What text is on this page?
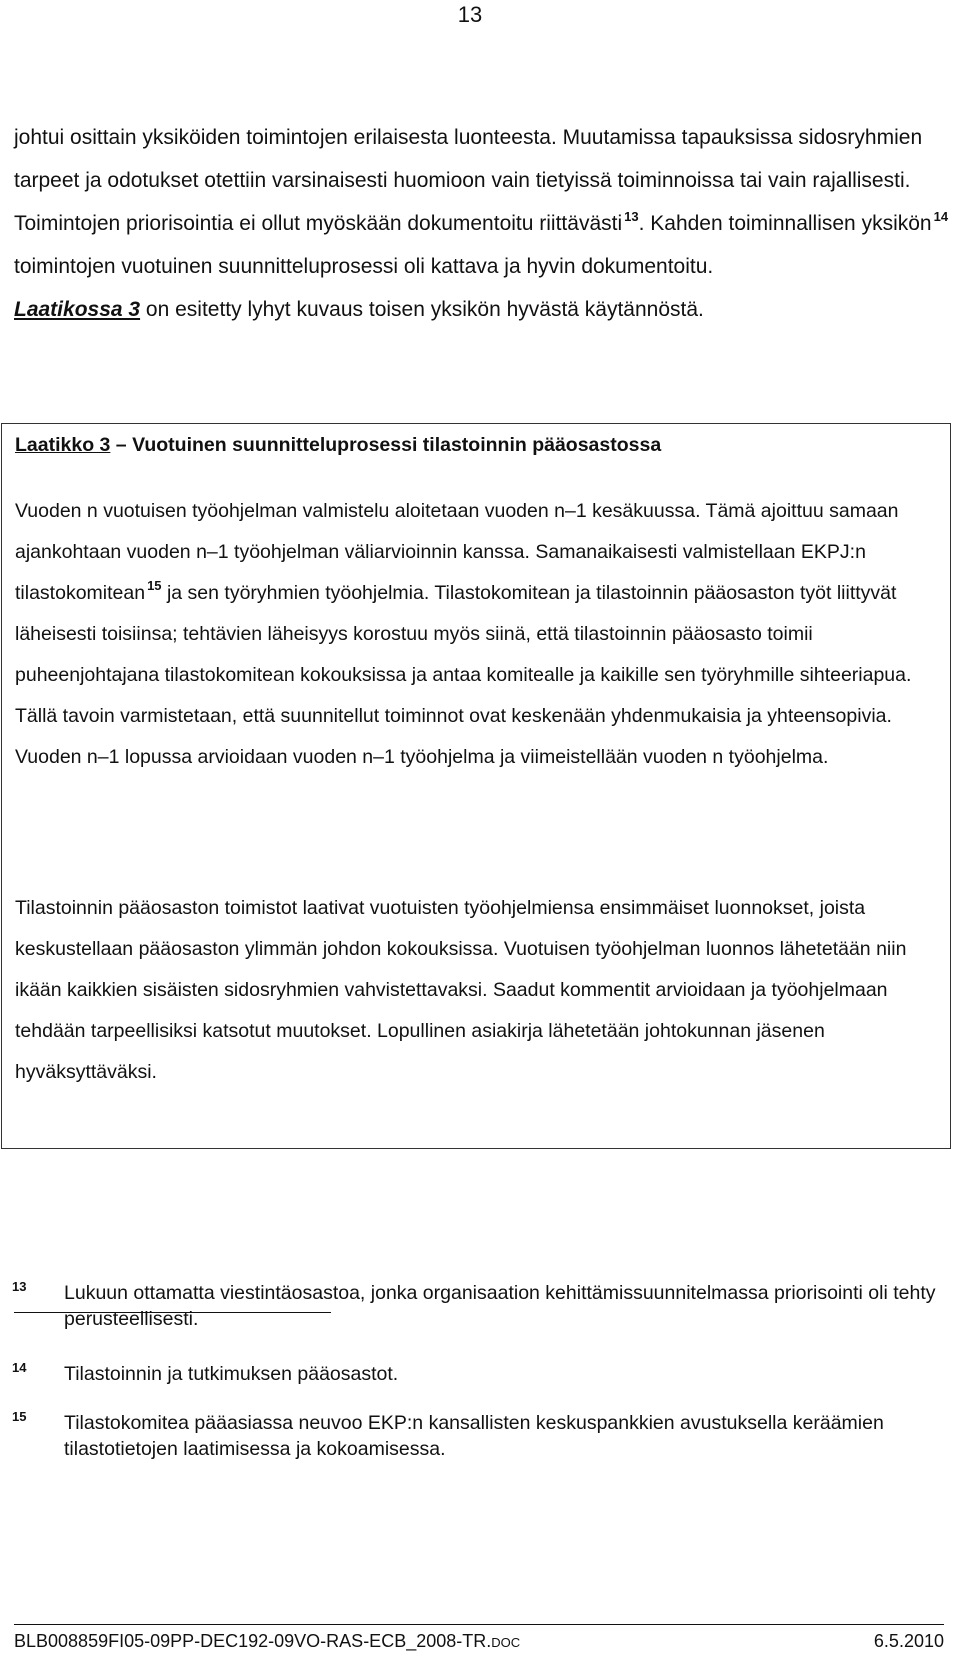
13

johtui osittain yksiköiden toimintojen erilaisesta luonteesta. Muutamissa tapauksissa sidosryhmien tarpeet ja odotukset otettiin varsinaisesti huomioon vain tietyissä toiminnoissa tai vain rajallisesti. Toimintojen priorisointia ei ollut myöskään dokumentoitu riittävästi $^{13}$. Kahden toiminnallisen yksikön $^{14}$ toimintojen vuotuinen suunnitteluprosessi oli kattava ja hyvin dokumentoitu.
Laatikossa 3 on esitetty lyhyt kuvaus toisen yksikön hyvästä käytännöstä.

Laatikko 3 – Vuotuinen suunnitteluprosessi tilastoinnin pääosastossa

Vuoden n vuotuisen työohjelman valmistelu aloitetaan vuoden n–1 kesäkuussa. Tämä ajoittuu samaan ajankohtaan vuoden n–1 työohjelman väliarvioinnin kanssa. Samanaikaisesti valmistellaan EKPJ:n tilastokomitean $^{15}$ ja sen työryhmien työohjelmia. Tilastokomitean ja tilastoinnin pääosaston työt liittyvät läheisesti toisiinsa; tehtävien läheisyys korostuu myös siinä, että tilastoinnin pääosasto toimii puheenjohtajana tilastokomitean kokouksissa ja antaa komitealle ja kaikille sen työryhmille sihteeriapua. Tällä tavoin varmistetaan, että suunnitellut toiminnot ovat keskenään yhdenmukaisia ja yhteensopivia. Vuoden n–1 lopussa arvioidaan vuoden n–1 työohjelma ja viimeistellään vuoden n työohjelma.

Tilastoinnin pääosaston toimistot laativat vuotuisten työohjelmiensa ensimmäiset luonnokset, joista keskustellaan pääosaston ylimmän johdon kokouksissa. Vuotuisen työohjelman luonnos lähetetään niin ikään kaikkien sisäisten sidosryhmien vahvistettavaksi. Saadut kommentit arvioidaan ja työohjelmaan tehdään tarpeellisiksi katsotut muutokset. Lopullinen asiakirja lähetetään johtokunnan jäsenen hyväksyttäväksi.

13 Lukuun ottamatta viestintäosastoa, jonka organisaation kehittämissuunnitelmassa priorisointi oli tehty perusteellisesti.
14 Tilastoinnin ja tutkimuksen pääosastot.
15 Tilastokomitea pääasiassa neuvoo EKP:n kansallisten keskuspankkien avustuksella keräämien tilastotietojen laatimisessa ja kokoamisessa.
BLB008859FI05-09PP-DEC192-09VO-RAS-ECB_2008-TR.DOC	6.5.2010
